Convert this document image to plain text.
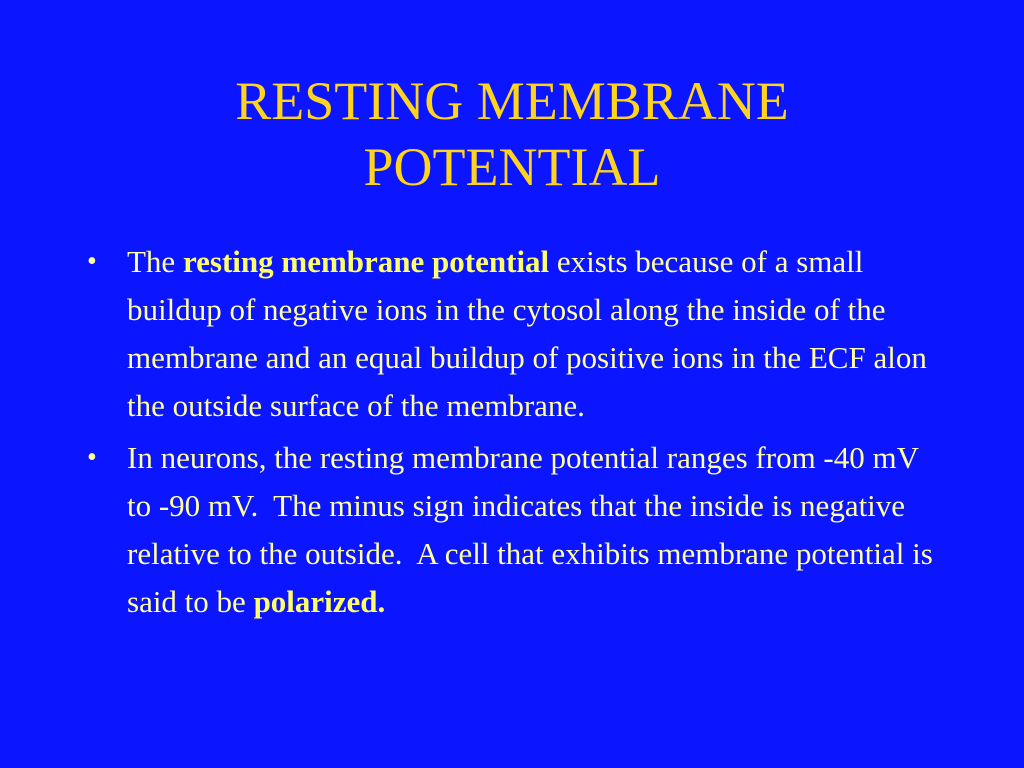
RESTING MEMBRANE
POTENTIAL
• The resting membrane potential exists because of a small buildup of negative ions in the cytosol along the inside of the membrane and an equal buildup of positive ions in the ECF alon the outside surface of the membrane.
• In neurons, the resting membrane potential ranges from -40 mV to -90 mV.  The minus sign indicates that the inside is negative relative to the outside.  A cell that exhibits membrane potential is said to be polarized.
